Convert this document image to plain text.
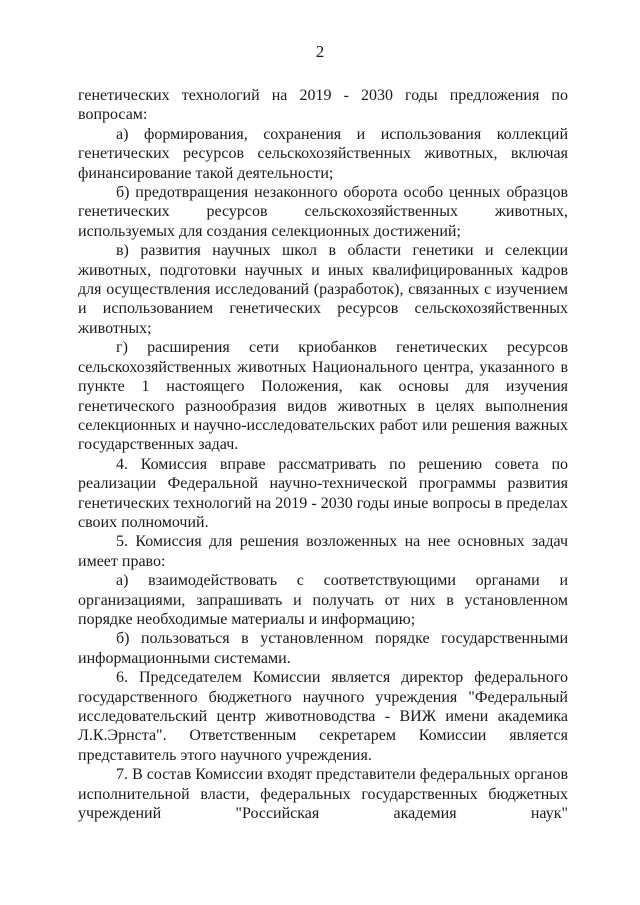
2

генетических технологий на 2019 - 2030 годы предложения по вопросам:

а) формирования, сохранения и использования коллекций генетических ресурсов сельскохозяйственных животных, включая финансирование такой деятельности;

б) предотвращения незаконного оборота особо ценных образцов генетических ресурсов сельскохозяйственных животных, используемых для создания селекционных достижений;

в) развития научных школ в области генетики и селекции животных, подготовки научных и иных квалифицированных кадров для осуществления исследований (разработок), связанных с изучением и использованием генетических ресурсов сельскохозяйственных животных;

г) расширения сети криобанков генетических ресурсов сельскохозяйственных животных Национального центра, указанного в пункте 1 настоящего Положения, как основы для изучения генетического разнообразия видов животных в целях выполнения селекционных и научно-исследовательских работ или решения важных государственных задач.

4. Комиссия вправе рассматривать по решению совета по реализации Федеральной научно-технической программы развития генетических технологий на 2019 - 2030 годы иные вопросы в пределах своих полномочий.

5. Комиссия для решения возложенных на нее основных задач имеет право:

а) взаимодействовать с соответствующими органами и организациями, запрашивать и получать от них в установленном порядке необходимые материалы и информацию;

б) пользоваться в установленном порядке государственными информационными системами.

6. Председателем Комиссии является директор федерального государственного бюджетного научного учреждения "Федеральный исследовательский центр животноводства - ВИЖ имени академика Л.К.Эрнста". Ответственным секретарем Комиссии является представитель этого научного учреждения.

7. В состав Комиссии входят представители федеральных органов исполнительной власти, федеральных государственных бюджетных учреждений "Российская академия наук"
